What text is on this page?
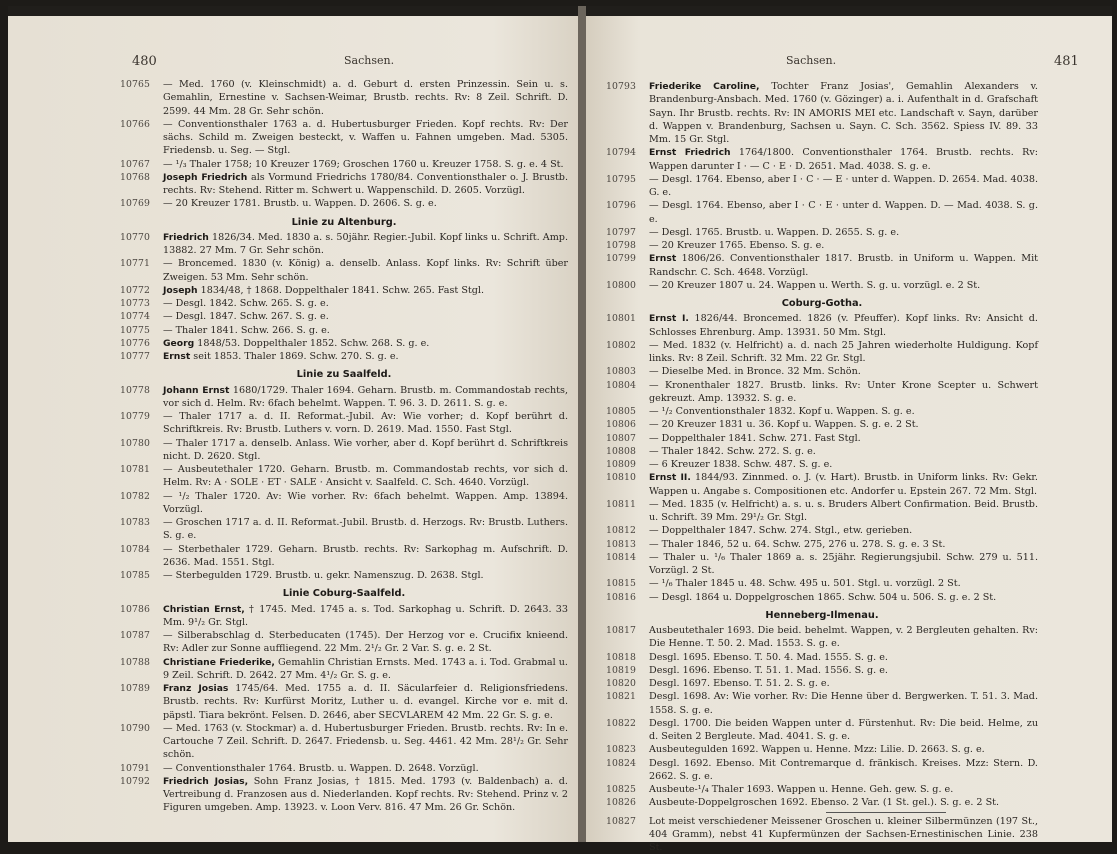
480	Sachsen.
10765 — Med. 1760 (v. Kleinschmidt) a. d. Geburt d. ersten Prinzessin. Sein u. s. Gemahlin, Ernestine v. Sachsen-Weimar, Brustb. rechts. Rv: 8 Zeil. Schrift. D. 2599. 44 Mm. 28 Gr. Sehr schön.
10766 — Conventionsthaler 1763 a. d. Hubertusburger Frieden. Kopf rechts. Rv: Der sächs. Schild m. Zweigen besteckt, v. Waffen u. Fahnen umgeben. Mad. 5305. Friedensb. u. Seg. — Stgl.
10767 — ¹/₃ Thaler 1758; 10 Kreuzer 1769; Groschen 1760 u. Kreuzer 1758. S. g. e. 4 St.
10768 Joseph Friedrich als Vormund Friedrichs 1780/84. Conventionsthaler o. J. Brustb. rechts. Rv: Stehend. Ritter m. Schwert u. Wappenschild. D. 2605. Vorzügl.
10769 — 20 Kreuzer 1781. Brustb. u. Wappen. D. 2606. S. g. e.
Linie zu Altenburg.
10770 Friedrich 1826/34. Med. 1830 a. s. 50jähr. Regier.-Jubil. Kopf links u. Schrift. Amp. 13882. 27 Mm. 7 Gr. Sehr schön.
10771 — Broncemed. 1830 (v. König) a. denselb. Anlass. Kopf links. Rv: Schrift über Zweigen. 53 Mm. Sehr schön.
10772 Joseph 1834/48, † 1868. Doppelthaler 1841. Schw. 265. Fast Stgl.
10773 — Desgl. 1842. Schw. 265. S. g. e.
10774 — Desgl. 1847. Schw. 267. S. g. e.
10775 — Thaler 1841. Schw. 266. S. g. e.
10776 Georg 1848/53. Doppelthaler 1852. Schw. 268. S. g. e.
10777 Ernst seit 1853. Thaler 1869. Schw. 270. S. g. e.
Linie zu Saalfeld.
10778 Johann Ernst 1680/1729. Thaler 1694. Geharn. Brustb. m. Commandostab rechts, vor sich d. Helm. Rv: 6fach behelmt. Wappen. T. 96. 3. D. 2611. S. g. e.
10779 — Thaler 1717 a. d. II. Reformat.-Jubil. Av: Wie vorher; d. Kopf berührt d. Schriftkreis. Rv: Brustb. Luthers v. vorn. D. 2619. Mad. 1550. Fast Stgl.
10780 — Thaler 1717 a. denselb. Anlass. Wie vorher, aber d. Kopf berührt d. Schriftkreis nicht. D. 2620. Stgl.
10781 — Ausbeutethaler 1720. Geharn. Brustb. m. Commandostab rechts, vor sich d. Helm. Rv: A · SOLE · ET · SALE · Ansicht v. Saalfeld. C. Sch. 4640. Vorzügl.
10782 — ¹/₂ Thaler 1720. Av: Wie vorher. Rv: 6fach behelmt. Wappen. Amp. 13894. Vorzügl.
10783 — Groschen 1717 a. d. II. Reformat.-Jubil. Brustb. d. Herzogs. Rv: Brustb. Luthers. S. g. e.
10784 — Sterbethaler 1729. Geharn. Brustb. rechts. Rv: Sarkophag m. Aufschrift. D. 2636. Mad. 1551. Stgl.
10785 — Sterbegulden 1729. Brustb. u. gekr. Namenszug. D. 2638. Stgl.
Linie Coburg-Saalfeld.
10786 Christian Ernst, † 1745. Med. 1745 a. s. Tod. Sarkophag u. Schrift. D. 2643. 33 Mm. 9¹/₂ Gr. Stgl.
10787 — Silberabschlag d. Sterbeducaten (1745). Der Herzog vor e. Crucifix knieend. Rv: Adler zur Sonne auffliegend. 22 Mm. 2¹/₂ Gr. 2 Var. S. g. e. 2 St.
10788 Christiane Friederike, Gemahlin Christian Ernsts. Med. 1743 a. i. Tod. Grabmal u. 9 Zeil. Schrift. D. 2642. 27 Mm. 4¹/₂ Gr. S. g. e.
10789 Franz Josias 1745/64. Med. 1755 a. d. II. Säcularfeier d. Religionsfriedens. Brustb. rechts. Rv: Kurfürst Moritz, Luther u. d. evangel. Kirche vor e. mit d. päpstl. Tiara bekrönt. Felsen. D. 2646, aber SECVLAREM 42 Mm. 22 Gr. S. g. e.
10790 — Med. 1763 (v. Stockmar) a. d. Hubertusburger Frieden. Brustb. rechts. Rv: In e. Cartouche 7 Zeil. Schrift. D. 2647. Friedensb. u. Seg. 4461. 42 Mm. 28¹/₂ Gr. Sehr schön.
10791 — Conventionsthaler 1764. Brustb. u. Wappen. D. 2648. Vorzügl.
10792 Friedrich Josias, Sohn Franz Josias, † 1815. Med. 1793 (v. Baldenbach) a. d. Vertreibung d. Franzosen aus d. Niederlanden. Kopf rechts. Rv: Stehend. Prinz v. 2 Figuren umgeben. Amp. 13923. v. Loon Verv. 816. 47 Mm. 26 Gr. Schön.
Sachsen.	481
10793 Friederike Caroline, Tochter Franz Josias', Gemahlin Alexanders v. Brandenburg-Ansbach. Med. 1760 (v. Gözinger) a. i. Aufenthalt in d. Grafschaft Sayn. Ihr Brustb. rechts. Rv: IN AMORIS MEI etc. Landschaft v. Sayn, darüber d. Wappen v. Brandenburg, Sachsen u. Sayn. C. Sch. 3562. Spiess IV. 89. 33 Mm. 15 Gr. Stgl.
10794 Ernst Friedrich 1764/1800. Conventionsthaler 1764. Brustb. rechts. Rv: Wappen darunter I · — C · E · D. 2651. Mad. 4038. S. g. e.
10795 — Desgl. 1764. Ebenso, aber I · C · — E · unter d. Wappen. D. 2654. Mad. 4038. G. e.
10796 — Desgl. 1764. Ebenso, aber I · C · E · unter d. Wappen. D. — Mad. 4038. S. g. e.
10797 — Desgl. 1765. Brustb. u. Wappen. D. 2655. S. g. e.
10798 — 20 Kreuzer 1765. Ebenso. S. g. e.
10799 Ernst 1806/26. Conventionsthaler 1817. Brustb. in Uniform u. Wappen. Mit Randschr. C. Sch. 4648. Vorzügl.
10800 — 20 Kreuzer 1807 u. 24. Wappen u. Werth. S. g. u. vorzügl. e. 2 St.
Coburg-Gotha.
10801 Ernst I. 1826/44. Broncemed. 1826 (v. Pfeuffer). Kopf links. Rv: Ansicht d. Schlosses Ehrenburg. Amp. 13931. 50 Mm. Stgl.
10802 — Med. 1832 (v. Helfricht) a. d. nach 25 Jahren wiederholte Huldigung. Kopf links. Rv: 8 Zeil. Schrift. 32 Mm. 22 Gr. Stgl.
10803 — Dieselbe Med. in Bronce. 32 Mm. Schön.
10804 — Kronenthaler 1827. Brustb. links. Rv: Unter Krone Scepter u. Schwert gekreuzt. Amp. 13932. S. g. e.
10805 — ¹/₂ Conventionsthaler 1832. Kopf u. Wappen. S. g. e.
10806 — 20 Kreuzer 1831 u. 36. Kopf u. Wappen. S. g. e. 2 St.
10807 — Doppelthaler 1841. Schw. 271. Fast Stgl.
10808 — Thaler 1842. Schw. 272. S. g. e.
10809 — 6 Kreuzer 1838. Schw. 487. S. g. e.
10810 Ernst II. 1844/93. Zinnmed. o. J. (v. Hart). Brustb. in Uniform links. Rv: Gekr. Wappen u. Angabe s. Compositionen etc. Andorfer u. Epstein 267. 72 Mm. Stgl.
10811 — Med. 1835 (v. Helfricht) a. s. u. s. Bruders Albert Confirmation. Beid. Brustb. u. Schrift. 39 Mm. 29¹/₂ Gr. Stgl.
10812 — Doppelthaler 1847. Schw. 274. Stgl., etw. gerieben.
10813 — Thaler 1846, 52 u. 64. Schw. 275, 276 u. 278. S. g. e. 3 St.
10814 — Thaler u. ¹/₆ Thaler 1869 a. s. 25jähr. Regierungsjubil. Schw. 279 u. 511. Vorzügl. 2 St.
10815 — ¹/₆ Thaler 1845 u. 48. Schw. 495 u. 501. Stgl. u. vorzügl. 2 St.
10816 — Desgl. 1864 u. Doppelgroschen 1865. Schw. 504 u. 506. S. g. e. 2 St.
Henneberg-Ilmenau.
10817 Ausbeutethaler 1693. Die beid. behelmt. Wappen, v. 2 Bergleuten gehalten. Rv: Die Henne. T. 50. 2. Mad. 1553. S. g. e.
10818 Desgl. 1695. Ebenso. T. 50. 4. Mad. 1555. S. g. e.
10819 Desgl. 1696. Ebenso. T. 51. 1. Mad. 1556. S. g. e.
10820 Desgl. 1697. Ebenso. T. 51. 2. S. g. e.
10821 Desgl. 1698. Av: Wie vorher. Rv: Die Henne über d. Bergwerken. T. 51. 3. Mad. 1558. S. g. e.
10822 Desgl. 1700. Die beiden Wappen unter d. Fürstenhut. Rv: Die beid. Helme, zu d. Seiten 2 Bergleute. Mad. 4041. S. g. e.
10823 Ausbeutegulden 1692. Wappen u. Henne. Mzz: Lilie. D. 2663. S. g. e.
10824 Desgl. 1692. Ebenso. Mit Contremarque d. fränkisch. Kreises. Mzz: Stern. D. 2662. S. g. e.
10825 Ausbeute-¹/₄ Thaler 1693. Wappen u. Henne. Geh. gew. S. g. e.
10826 Ausbeute-Doppelgroschen 1692. Ebenso. 2 Var. (1 St. gel.). S. g. e. 2 St.
10827 Lot meist verschiedener Meissener Groschen u. kleiner Silbermünzen (197 St., 404 Gramm), nebst 41 Kupfermünzen der Sachsen-Ernestinischen Linie. 238 St.
